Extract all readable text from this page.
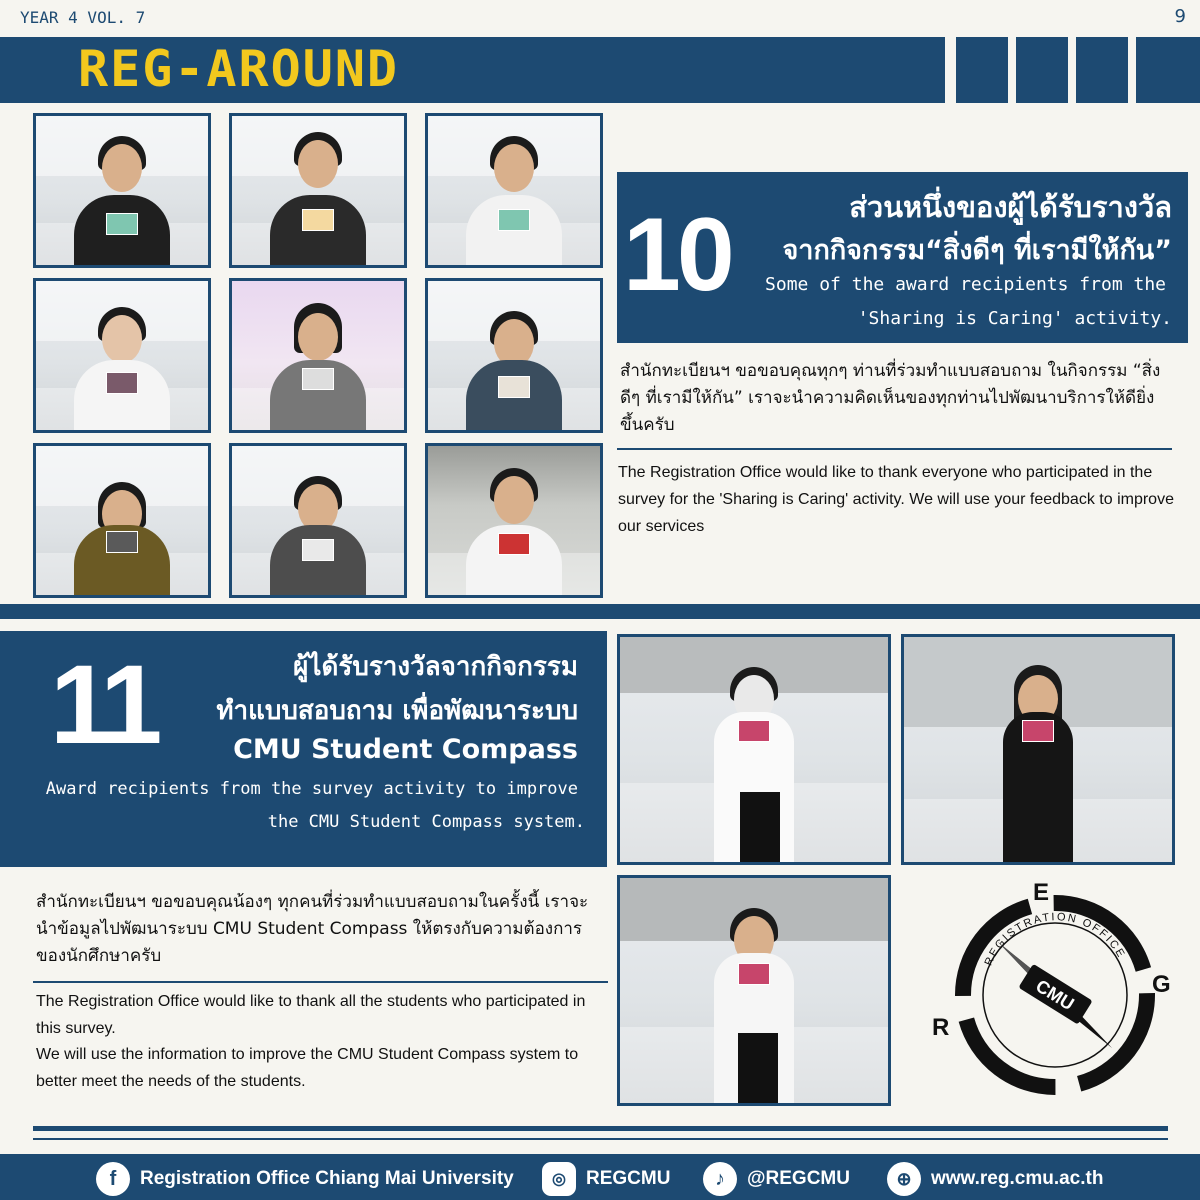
YEAR 4 VOL. 7	9
REG-AROUND
10	ส่วนหนึ่งของผู้ได้รับรางวัล
จากกิจกรรม“สิ่งดีๆ ที่เรามีให้กัน”
Some of the award recipients from the
'Sharing is Caring' activity.
สำนักทะเบียนฯ ขอขอบคุณทุกๆ ท่านที่ร่วมทำแบบสอบถาม ในกิจกรรม “สิ่งดีๆ ที่เรามีให้กัน” เราจะนำความคิดเห็นของทุกท่านไปพัฒนาบริการให้ดียิ่งขึ้นครับ
The Registration Office would like to thank everyone who participated in the survey for the 'Sharing is Caring' activity. We will use your feedback to improve our services
11	ผู้ได้รับรางวัลจากกิจกรรม
ทำแบบสอบถาม เพื่อพัฒนาระบบ
CMU Student Compass
Award recipients from the survey activity to improve
the CMU Student Compass system.
สำนักทะเบียนฯ ขอขอบคุณน้องๆ ทุกคนที่ร่วมทำแบบสอบถามในครั้งนี้ เราจะนำข้อมูลไปพัฒนาระบบ CMU Student Compass ให้ตรงกับความต้องการของนักศึกษาครับ
The Registration Office would like to thank all the students who participated in this survey.
We will use the information to improve the CMU Student Compass system to better meet the needs of the students.
CMU
REGISTRATION OFFICE
E
G
R
f	Registration Office Chiang Mai University	◎	REGCMU	♪	@REGCMU	⊕	www.reg.cmu.ac.th
